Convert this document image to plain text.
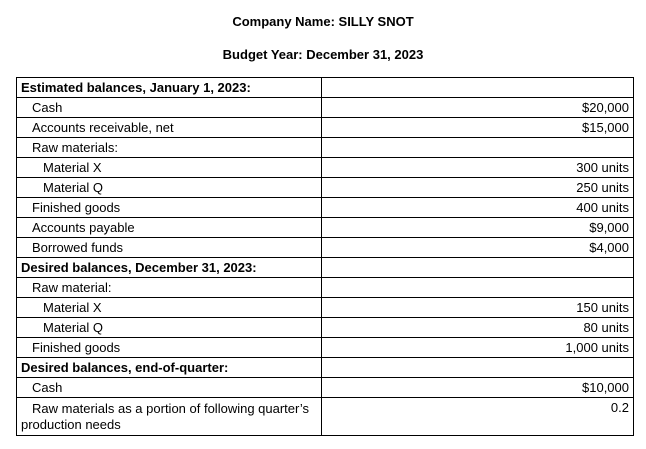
Company Name: SILLY SNOT
Budget Year: December 31, 2023
Estimated balances, January 1, 2023:	
Cash	$20,000
Accounts receivable, net	$15,000
Raw materials:	
Material X	300 units
Material Q	250 units
Finished goods	400 units
Accounts payable	$9,000
Borrowed funds	$4,000
Desired balances, December 31, 2023:	
Raw material:	
Material X	150 units
Material Q	80 units
Finished goods	1,000 units
Desired balances, end-of-quarter:	
Cash	$10,000
Raw materials as a portion of following quarter’s production needs	0.2
